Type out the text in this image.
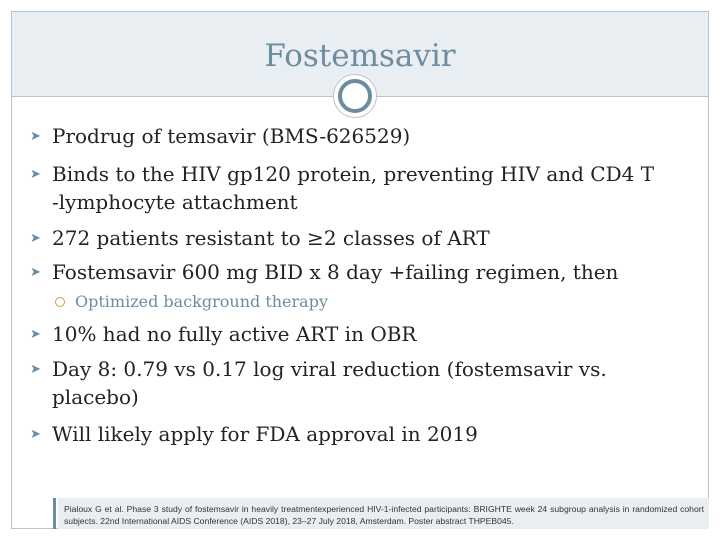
Fostemsavir
➤ Prodrug of temsavir (BMS-626529)
➤ Binds to the HIV gp120 protein, preventing HIV and CD4 T
-lymphocyte attachment
➤ 272 patients resistant to ≥2 classes of ART
➤ Fostemsavir 600 mg BID x 8 day +failing regimen, then
Optimized background therapy
➤ 10% had no fully active ART in OBR
➤ Day 8: 0.79 vs 0.17 log viral reduction (fostemsavir vs.
placebo)
➤ Will likely apply for FDA approval in 2019
Pialoux G et al. Phase 3 study of fostemsavir in heavily treatmentexperienced HIV-1-infected participants: BRIGHTE week 24 subgroup analysis in randomized cohort subjects. 22nd International AIDS Conference (AIDS 2018), 23–27 July 2018, Amsterdam. Poster abstract THPEB045.
